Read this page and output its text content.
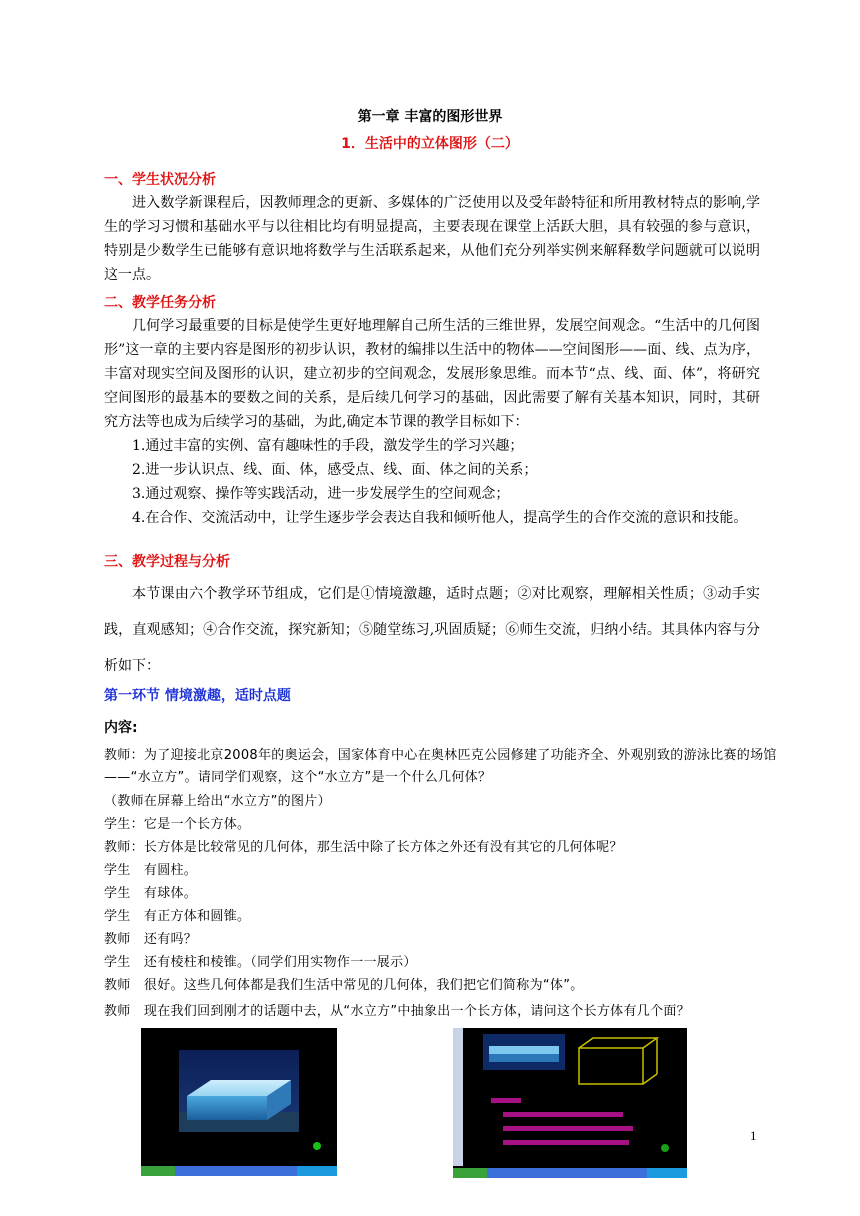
第一章 丰富的图形世界
1．生活中的立体图形（二）
一、学生状况分析
进入数学新课程后，因教师理念的更新、多媒体的广泛使用以及受年龄特征和所用教材特点的影响,学生的学习习惯和基础水平与以往相比均有明显提高，主要表现在课堂上活跃大胆，具有较强的参与意识，特别是少数学生已能够有意识地将数学与生活联系起来，从他们充分列举实例来解释数学问题就可以说明这一点。
二、教学任务分析
几何学习最重要的目标是使学生更好地理解自己所生活的三维世界，发展空间观念。“生活中的几何图形”这一章的主要内容是图形的初步认识，教材的编排以生活中的物体——空间图形——面、线、点为序，丰富对现实空间及图形的认识，建立初步的空间观念，发展形象思维。而本节“点、线、面、体”，将研究空间图形的最基本的要数之间的关系，是后续几何学习的基础，因此需要了解有关基本知识，同时，其研究方法等也成为后续学习的基础，为此,确定本节课的教学目标如下：
1.通过丰富的实例、富有趣味性的手段，激发学生的学习兴趣；
2.进一步认识点、线、面、体，感受点、线、面、体之间的关系；
3.通过观察、操作等实践活动，进一步发展学生的空间观念；
4.在合作、交流活动中，让学生逐步学会表达自我和倾听他人，提高学生的合作交流的意识和技能。
三、教学过程与分析
本节课由六个教学环节组成，它们是①情境激趣，适时点题；②对比观察，理解相关性质；③动手实践，直观感知；④合作交流，探究新知；⑤随堂练习,巩固质疑；⑥师生交流，归纳小结。其具体内容与分析如下：
第一环节 情境激趣，适时点题
内容:
教师：为了迎接北京2008年的奥运会，国家体育中心在奥林匹克公园修建了功能齐全、外观别致的游泳比赛的场馆——“水立方”。请同学们观察，这个“水立方”是一个什么几何体？
（教师在屏幕上给出“水立方”的图片）
学生：它是一个长方体。
教师：长方体是比较常见的几何体，那生活中除了长方体之外还有没有其它的几何体呢？
学生　有圆柱。
学生　有球体。
学生　有正方体和圆锥。
教师　还有吗？
学生　还有棱柱和棱锥。（同学们用实物作一一展示）
教师　很好。这些几何体都是我们生活中常见的几何体，我们把它们简称为“体”。
教师　现在我们回到刚才的话题中去，从“水立方”中抽象出一个长方体，请问这个长方体有几个面？
1
